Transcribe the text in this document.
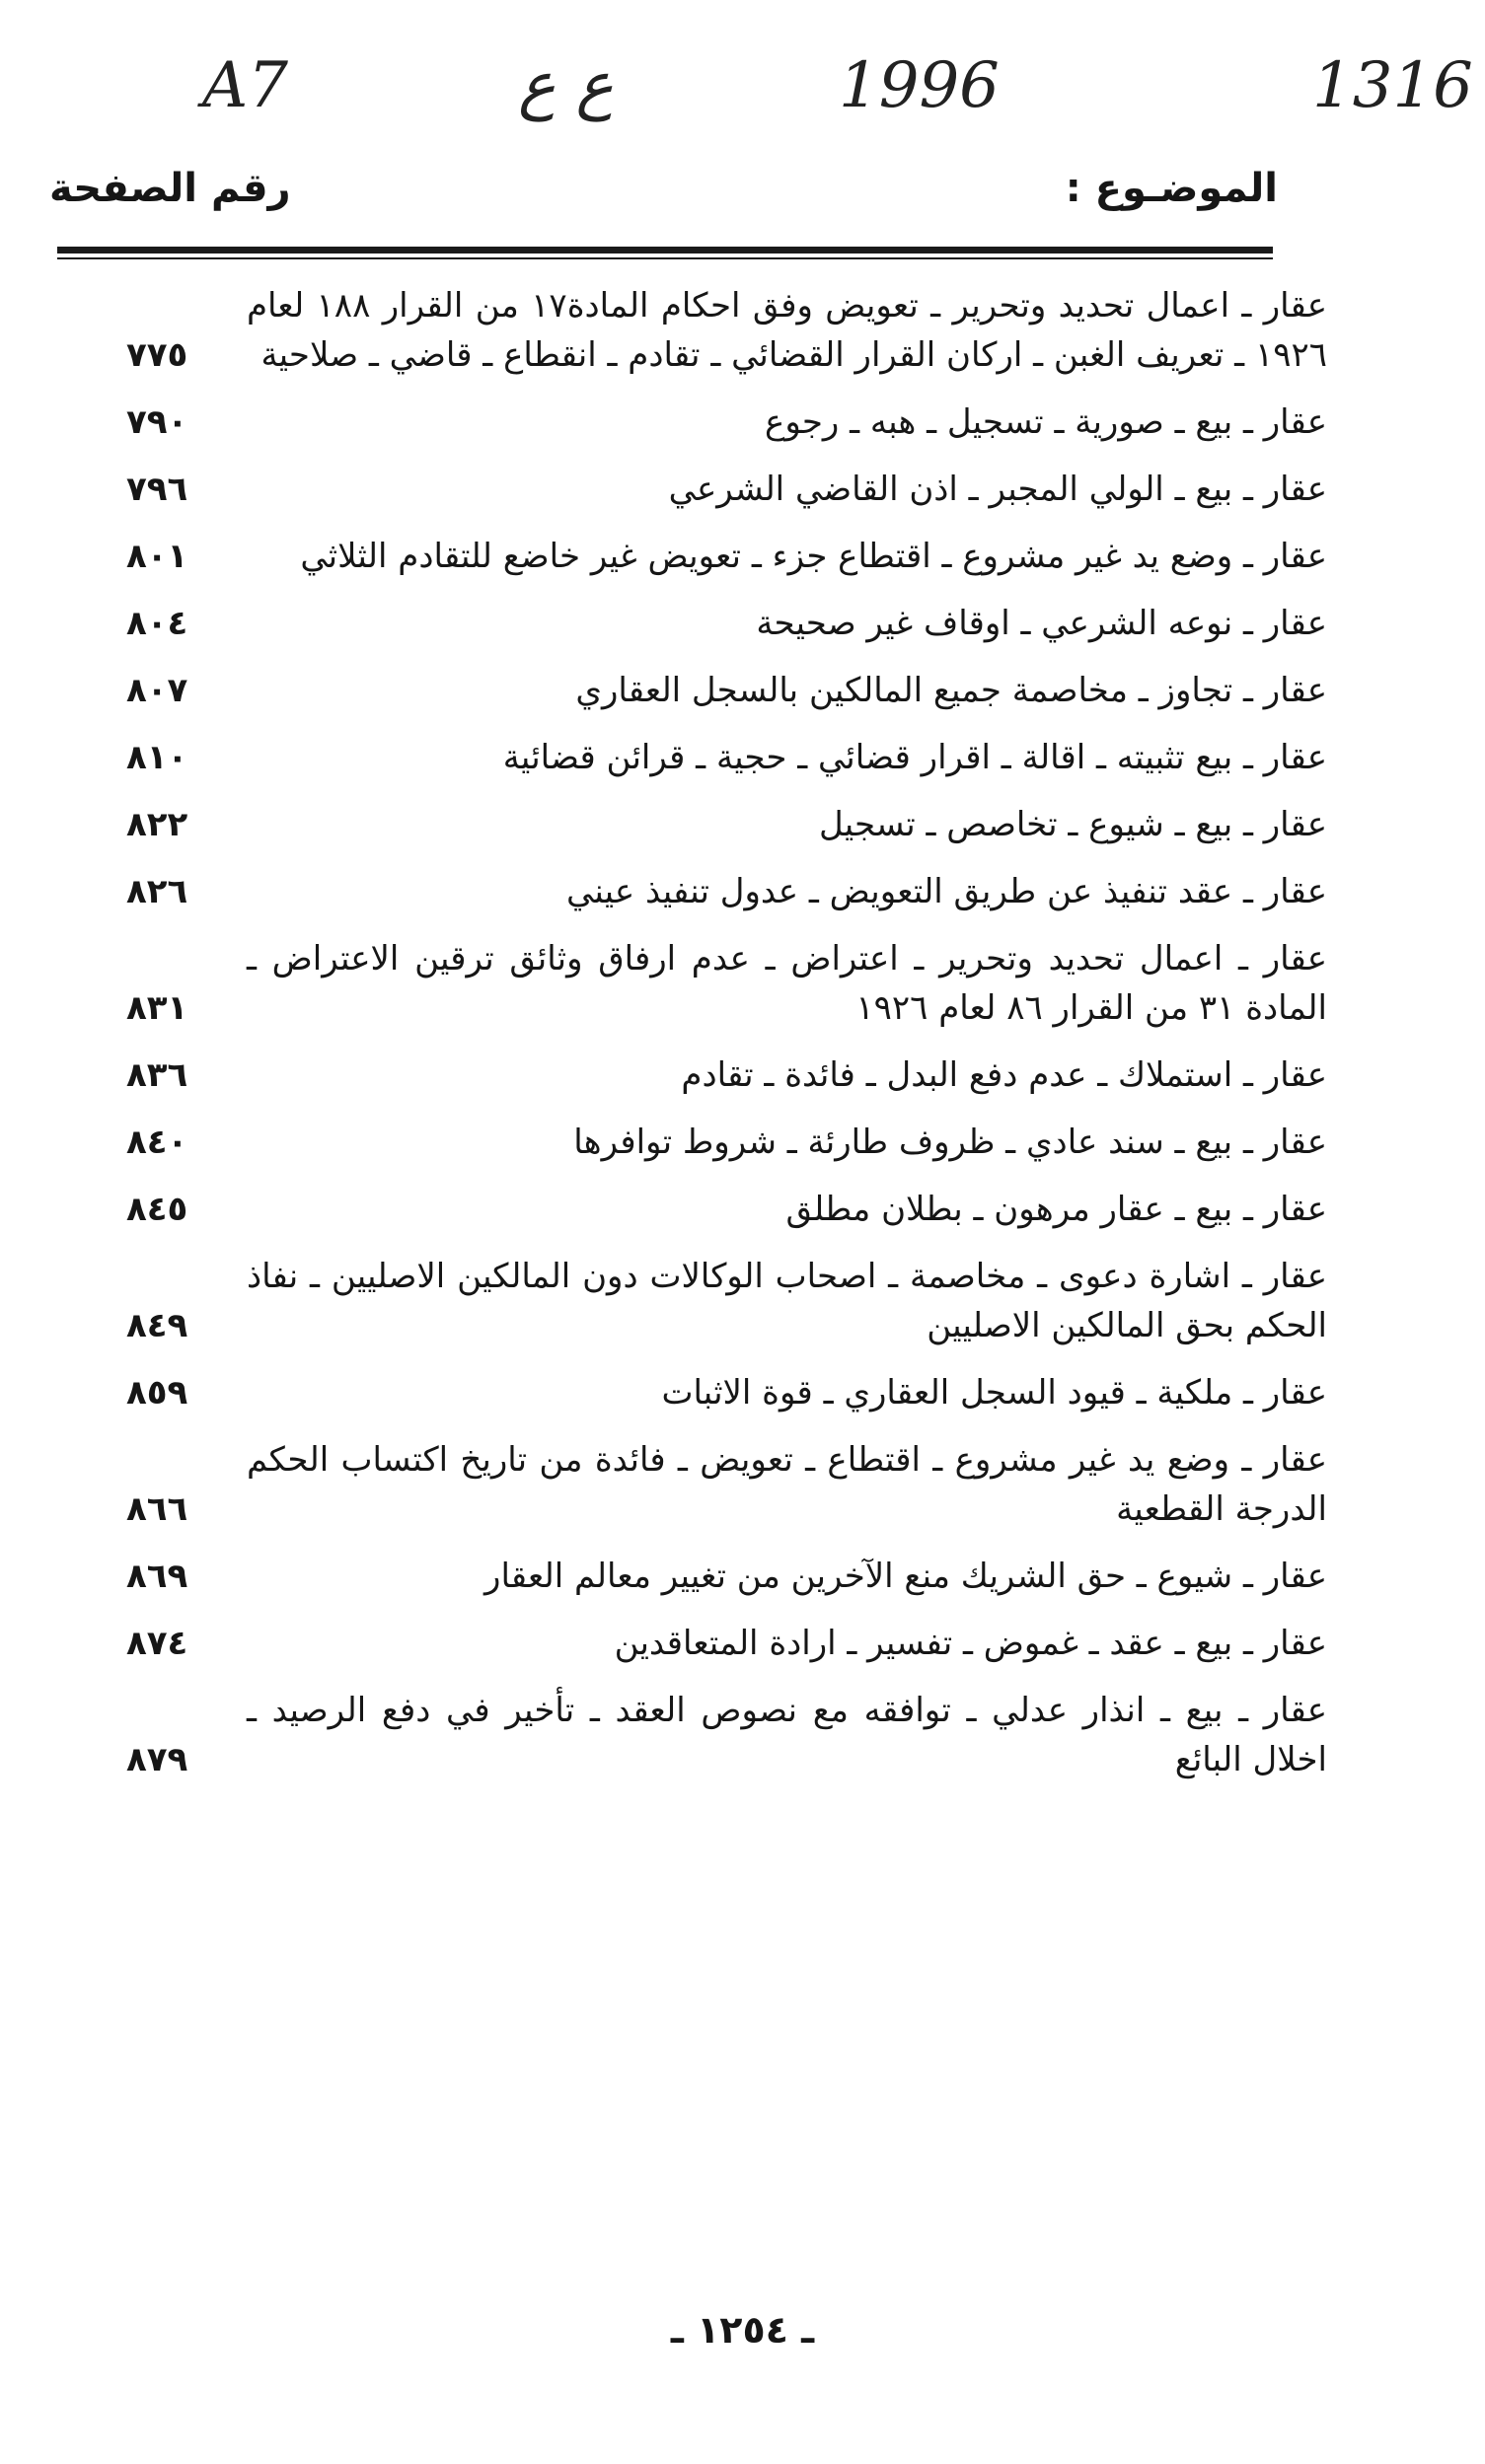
A7	ع ع	1996	1316
الموضـوع :
رقم الصفحة
عقار ـ اعمال تحديد وتحرير ـ تعويض وفق احكام المادة١٧ من القرار ١٨٨ لعام ١٩٢٦ ـ تعريف الغبن ـ اركان القرار القضائي ـ تقادم ـ انقطاع ـ قاضي ـ صلاحية
٧٧٥
عقار ـ بيع ـ صورية ـ تسجيل ـ هبه ـ رجوع
٧٩٠
عقار ـ بيع ـ الولي المجبر ـ اذن القاضي الشرعي
٧٩٦
عقار ـ وضع يد غير مشروع ـ اقتطاع جزء ـ تعويض غير خاضع للتقادم الثلاثي
٨٠١
عقار ـ نوعه الشرعي ـ اوقاف غير صحيحة
٨٠٤
عقار ـ تجاوز ـ مخاصمة جميع المالكين بالسجل العقاري
٨٠٧
عقار ـ بيع تثبيته ـ اقالة ـ اقرار قضائي ـ حجية ـ قرائن قضائية
٨١٠
عقار ـ بيع ـ شيوع ـ تخاصص ـ تسجيل
٨٢٢
عقار ـ عقد تنفيذ عن طريق التعويض ـ عدول تنفيذ عيني
٨٢٦
عقار ـ اعمال تحديد وتحرير ـ اعتراض ـ عدم ارفاق وثائق ترقين الاعتراض ـ المادة ٣١ من القرار ٨٦ لعام ١٩٢٦
٨٣١
عقار ـ استملاك ـ عدم دفع البدل ـ فائدة ـ تقادم
٨٣٦
عقار ـ بيع ـ سند عادي ـ ظروف طارئة ـ شروط توافرها
٨٤٠
عقار ـ بيع ـ عقار مرهون ـ بطلان مطلق
٨٤٥
عقار ـ اشارة دعوى ـ مخاصمة ـ اصحاب الوكالات دون المالكين الاصليين ـ نفاذ الحكم بحق المالكين الاصليين
٨٤٩
عقار ـ ملكية ـ قيود السجل العقاري ـ قوة الاثبات
٨٥٩
عقار ـ وضع يد غير مشروع ـ اقتطاع ـ تعويض ـ فائدة من تاريخ اكتساب الحكم الدرجة القطعية
٨٦٦
عقار ـ شيوع ـ حق الشريك منع الآخرين من تغيير معالم العقار
٨٦٩
عقار ـ بيع ـ عقد ـ غموض ـ تفسير ـ ارادة المتعاقدين
٨٧٤
عقار ـ بيع ـ انذار عدلي ـ توافقه مع نصوص العقد ـ تأخير في دفع الرصيد ـ اخلال البائع
٨٧٩
ـ ١٢٥٤ ـ
